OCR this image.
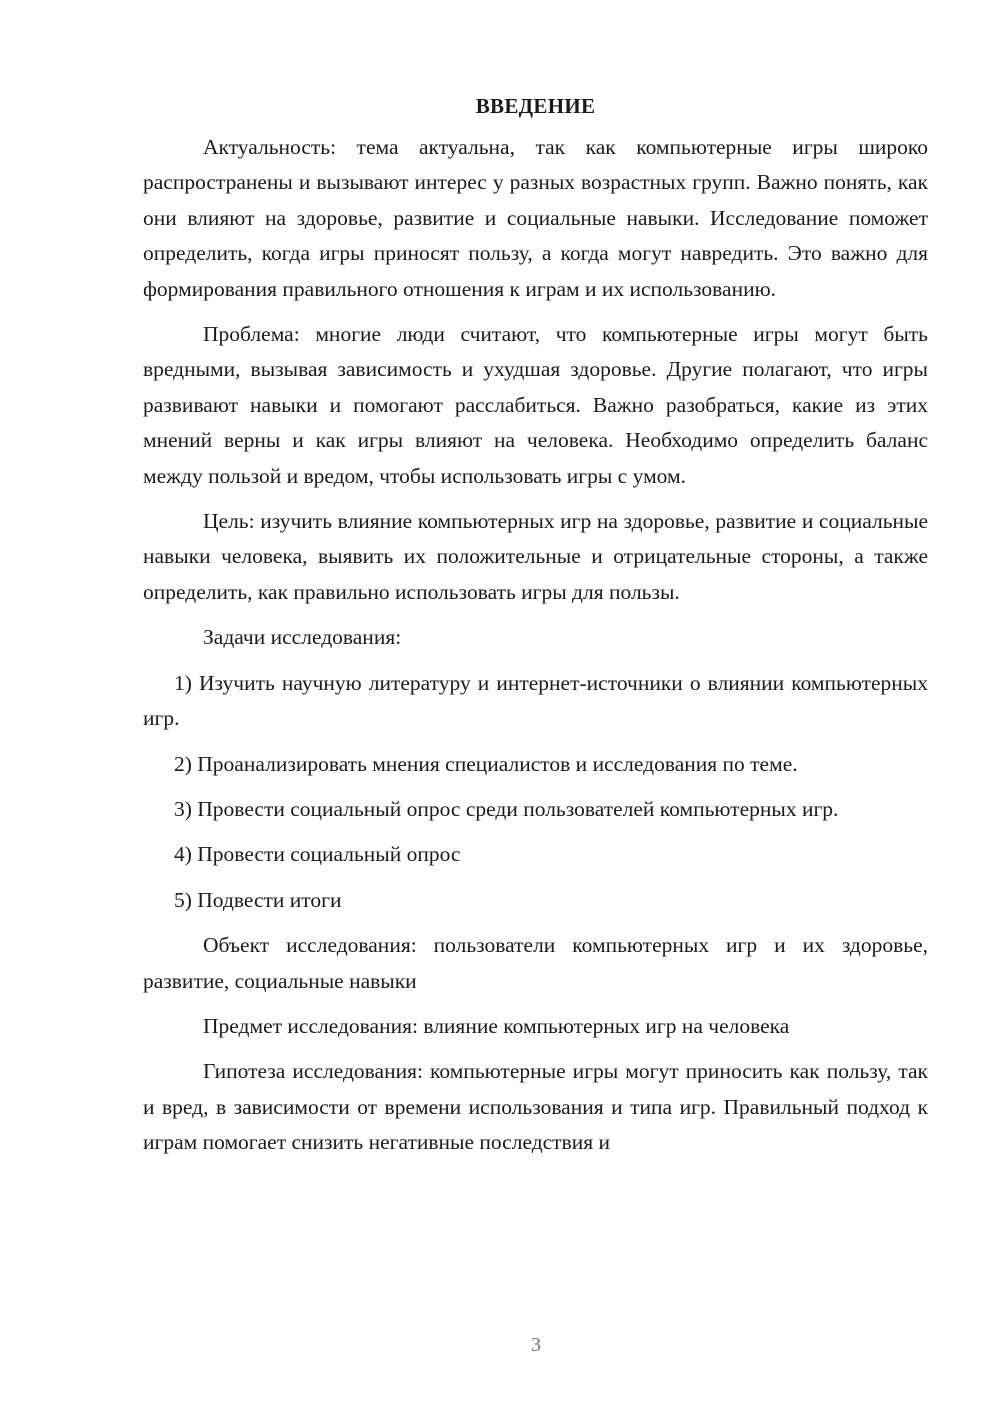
ВВЕДЕНИЕ

Актуальность: тема актуальна, так как компьютерные игры широко распространены и вызывают интерес у разных возрастных групп. Важно понять, как они влияют на здоровье, развитие и социальные навыки. Исследование поможет определить, когда игры приносят пользу, а когда могут навредить. Это важно для формирования правильного отношения к играм и их использованию.

Проблема: многие люди считают, что компьютерные игры могут быть вредными, вызывая зависимость и ухудшая здоровье. Другие полагают, что игры развивают навыки и помогают расслабиться. Важно разобраться, какие из этих мнений верны и как игры влияют на человека. Необходимо определить баланс между пользой и вредом, чтобы использовать игры с умом.

Цель: изучить влияние компьютерных игр на здоровье, развитие и социальные навыки человека, выявить их положительные и отрицательные стороны, а также определить, как правильно использовать игры для пользы.

Задачи исследования:

1) Изучить научную литературу и интернет-источники о влиянии компьютерных игр.

2) Проанализировать мнения специалистов и исследования по теме.

3) Провести социальный опрос среди пользователей компьютерных игр.

4) Провести социальный опрос

5) Подвести итоги

Объект исследования: пользователи компьютерных игр и их здоровье, развитие, социальные навыки

Предмет исследования: влияние компьютерных игр на человека

Гипотеза исследования: компьютерные игры могут приносить как пользу, так и вред, в зависимости от времени использования и типа игр. Правильный подход к играм помогает снизить негативные последствия и

3
